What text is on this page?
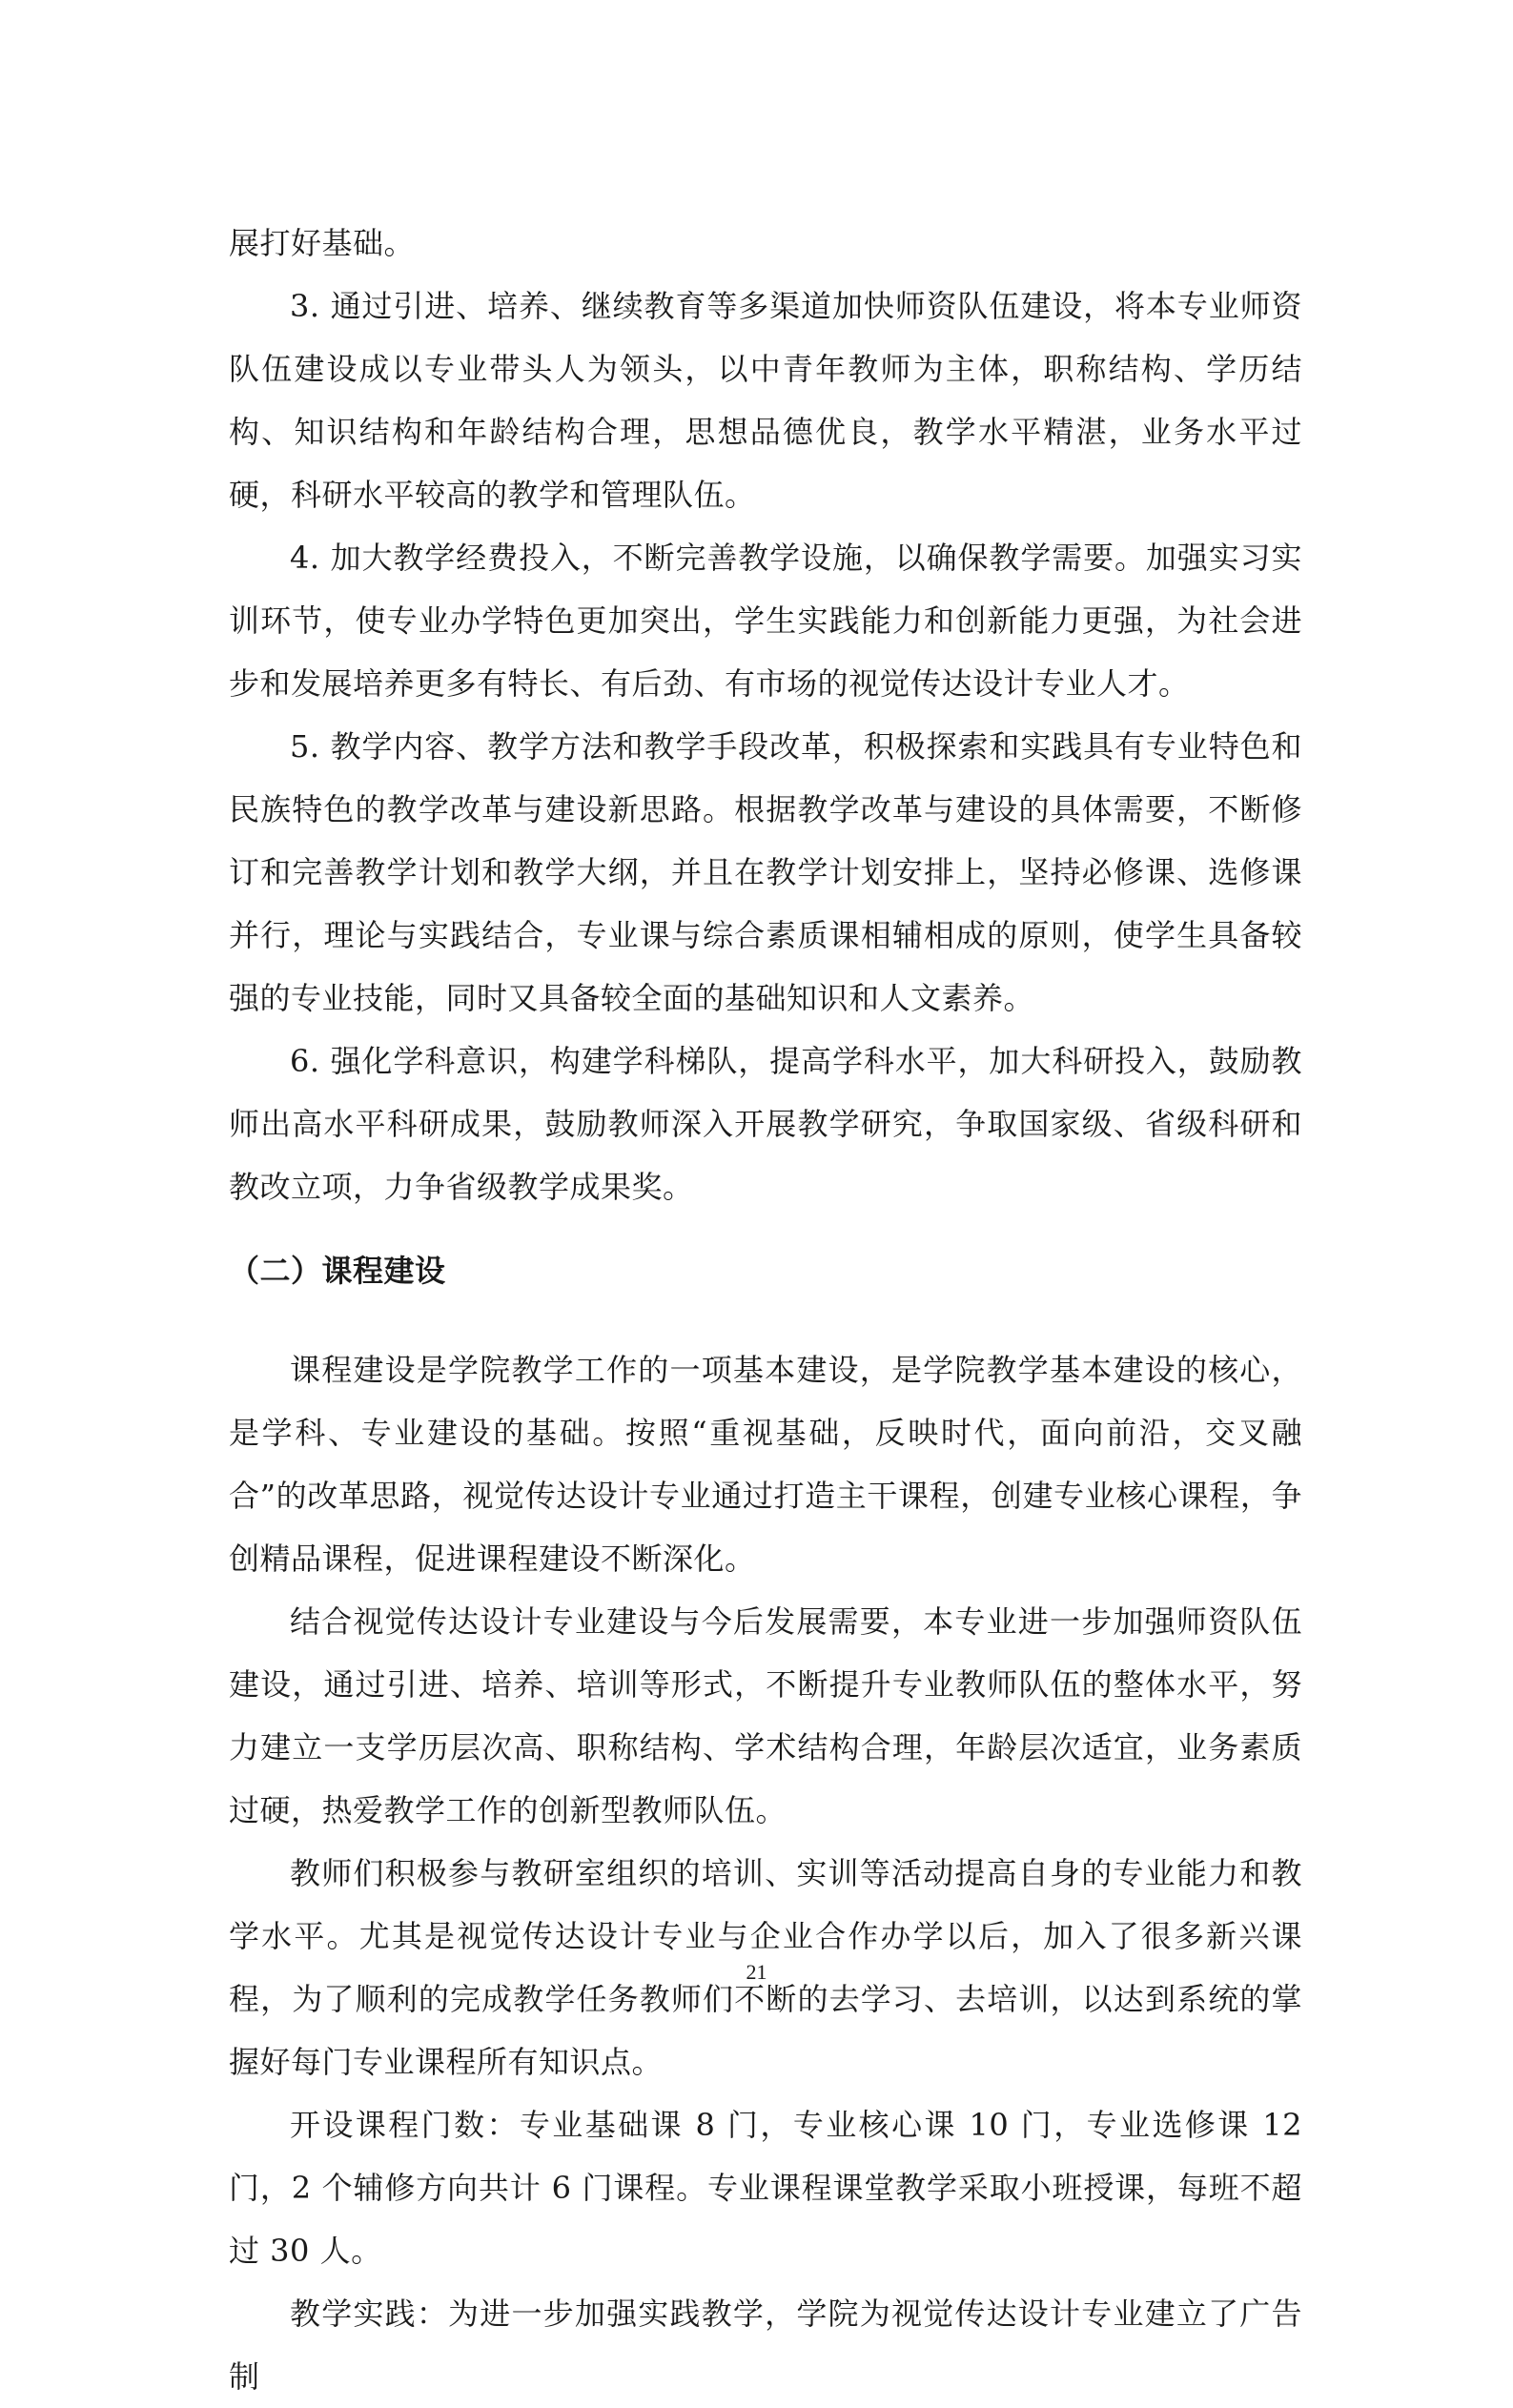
展打好基础。

3. 通过引进、培养、继续教育等多渠道加快师资队伍建设，将本专业师资队伍建设成以专业带头人为领头，以中青年教师为主体，职称结构、学历结构、知识结构和年龄结构合理，思想品德优良，教学水平精湛，业务水平过硬，科研水平较高的教学和管理队伍。

4. 加大教学经费投入，不断完善教学设施，以确保教学需要。加强实习实训环节，使专业办学特色更加突出，学生实践能力和创新能力更强，为社会进步和发展培养更多有特长、有后劲、有市场的视觉传达设计专业人才。

5. 教学内容、教学方法和教学手段改革，积极探索和实践具有专业特色和民族特色的教学改革与建设新思路。根据教学改革与建设的具体需要，不断修订和完善教学计划和教学大纲，并且在教学计划安排上，坚持必修课、选修课并行，理论与实践结合，专业课与综合素质课相辅相成的原则，使学生具备较强的专业技能，同时又具备较全面的基础知识和人文素养。

6. 强化学科意识，构建学科梯队，提高学科水平，加大科研投入，鼓励教师出高水平科研成果，鼓励教师深入开展教学研究，争取国家级、省级科研和教改立项，力争省级教学成果奖。

（二）课程建设

课程建设是学院教学工作的一项基本建设，是学院教学基本建设的核心，是学科、专业建设的基础。按照“重视基础，反映时代，面向前沿，交叉融合”的改革思路，视觉传达设计专业通过打造主干课程，创建专业核心课程，争创精品课程，促进课程建设不断深化。

结合视觉传达设计专业建设与今后发展需要，本专业进一步加强师资队伍建设，通过引进、培养、培训等形式，不断提升专业教师队伍的整体水平，努力建立一支学历层次高、职称结构、学术结构合理，年龄层次适宜，业务素质过硬，热爱教学工作的创新型教师队伍。

教师们积极参与教研室组织的培训、实训等活动提高自身的专业能力和教学水平。尤其是视觉传达设计专业与企业合作办学以后，加入了很多新兴课程，为了顺利的完成教学任务教师们不断的去学习、去培训，以达到系统的掌握好每门专业课程所有知识点。

开设课程门数：专业基础课 8 门，专业核心课 10 门，专业选修课 12 门，2 个辅修方向共计 6 门课程。专业课程课堂教学采取小班授课，每班不超过 30 人。

教学实践：为进一步加强实践教学，学院为视觉传达设计专业建立了广告制

21
